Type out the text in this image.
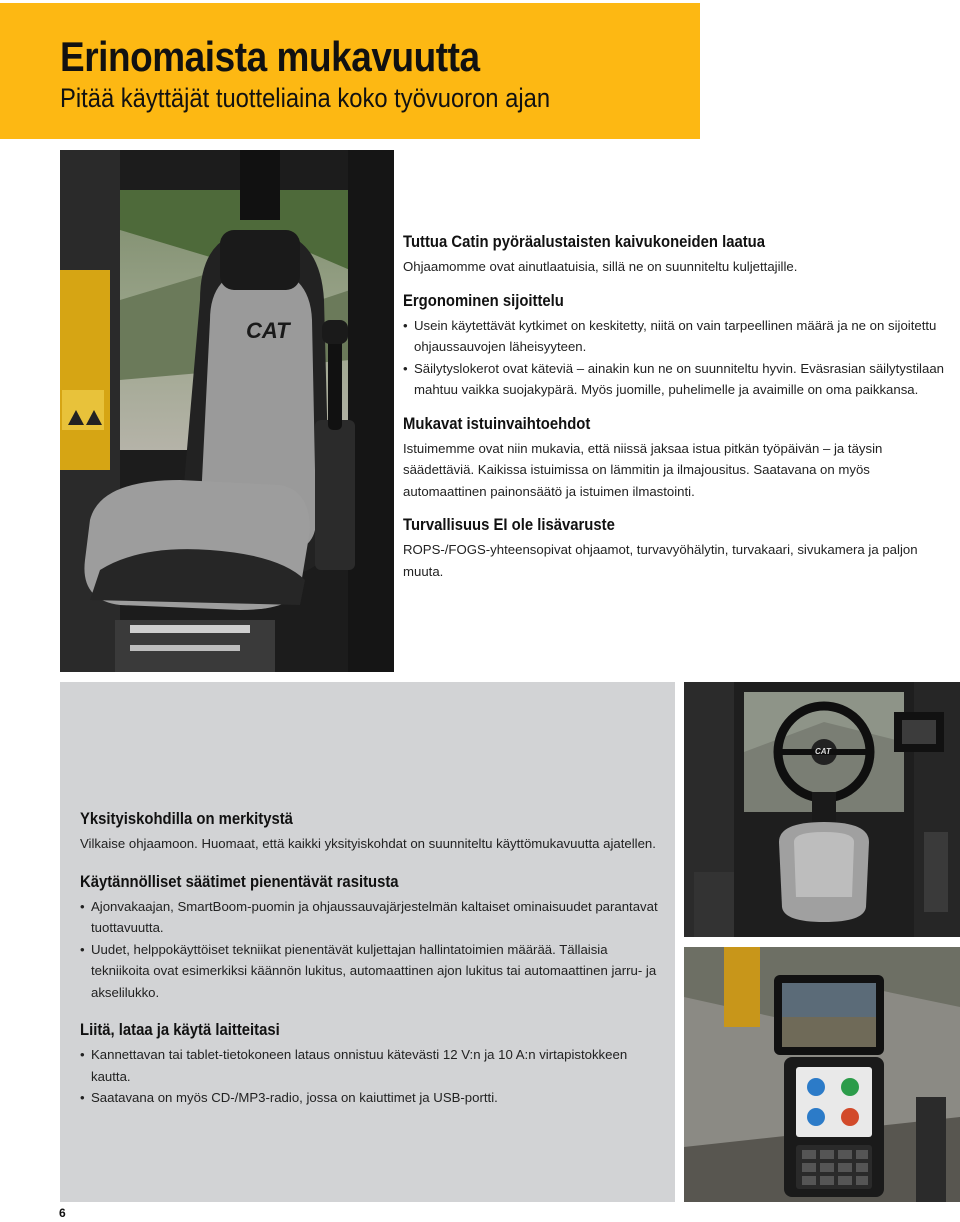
Erinomaista mukavuutta
Pitää käyttäjät tuotteliaina koko työvuoron ajan
CAT
Tuttua Catin pyöräalustaisten kaivukoneiden laatua

Ohjaamomme ovat ainutlaatuisia, sillä ne on suunniteltu kuljettajille.

Ergonominen sijoittelu
• Usein käytettävät kytkimet on keskitetty, niitä on vain tarpeellinen määrä ja ne on sijoitettu ohjaussauvojen läheisyyteen.
• Säilytyslokerot ovat käteviä – ainakin kun ne on suunniteltu hyvin. Eväsrasian säilytystilaan mahtuu vaikka suojakypärä. Myös juomille, puhelimelle ja avaimille on oma paikkansa.
Mukavat istuinvaihtoehdot

Istuimemme ovat niin mukavia, että niissä jaksaa istua pitkän työpäivän – ja täysin säädettäviä. Kaikissa istuimissa on lämmitin ja ilmajousitus. Saatavana on myös automaattinen painonsäätö ja istuimen ilmastointi.

Turvallisuus EI ole lisävaruste

ROPS-/FOGS-yhteensopivat ohjaamot, turvavyöhälytin, turvakaari, sivukamera ja paljon muuta.

Yksityiskohdilla on merkitystä

Vilkaise ohjaamoon. Huomaat, että kaikki yksityiskohdat on suunniteltu käyttömukavuutta ajatellen.

Käytännölliset säätimet pienentävät rasitusta
• Ajonvakaajan, SmartBoom-puomin ja ohjaussauvajärjestelmän kaltaiset ominaisuudet parantavat tuottavuutta.
• Uudet, helppokäyttöiset tekniikat pienentävät kuljettajan hallintatoimien määrää. Tällaisia tekniikoita ovat esimerkiksi käännön lukitus, automaattinen ajon lukitus tai automaattinen jarru- ja akselilukko.
Liitä, lataa ja käytä laitteitasi
• Kannettavan tai tablet-tietokoneen lataus onnistuu kätevästi 12 V:n ja 10 A:n virtapistokkeen kautta.
• Saatavana on myös CD-/MP3-radio, jossa on kaiuttimet ja USB-portti.
CAT
6
